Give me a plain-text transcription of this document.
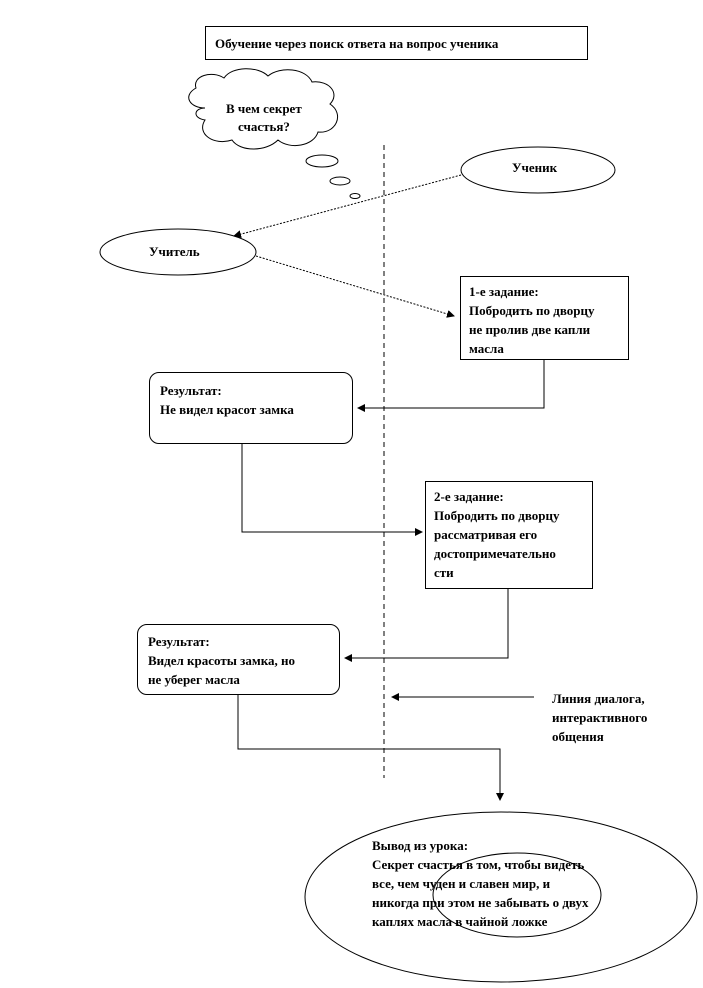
Обучение через поиск ответа на вопрос ученика
В чем секрет
счастья?
Ученик
Учитель
1-е задание:
Побродить по дворцу
не пролив две капли
масла
Результат:
Не видел красот замка
2-е задание:
Побродить по дворцу
рассматривая его
достопримечательно
сти
Результат:
Видел красоты замка, но
не уберег масла
Линия диалога,
интерактивного
общения
Вывод из урока:
Секрет счастья в том, чтобы видеть
все, чем чуден и славен мир, и
никогда при этом не забывать о двух
каплях масла в чайной ложке
